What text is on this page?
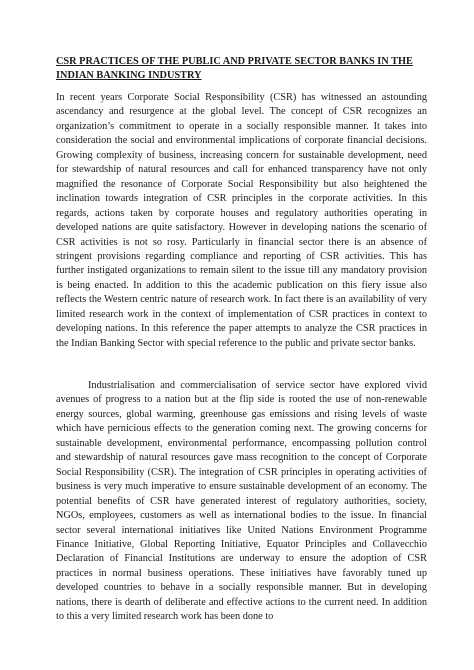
CSR PRACTICES OF THE PUBLIC AND PRIVATE SECTOR BANKS IN THE INDIAN BANKING INDUSTRY

In recent years Corporate Social Responsibility (CSR) has witnessed an astounding ascendancy and resurgence at the global level. The concept of CSR recognizes an organization’s commitment to operate in a socially responsible manner. It takes into consideration the social and environmental implications of corporate financial decisions. Growing complexity of business, increasing concern for sustainable development, need for stewardship of natural resources and call for enhanced transparency have not only magnified the resonance of Corporate Social Responsibility but also heightened the inclination towards integration of CSR principles in the corporate activities. In this regards, actions taken by corporate houses and regulatory authorities operating in developed nations are quite satisfactory. However in developing nations the scenario of CSR activities is not so rosy. Particularly in financial sector there is an absence of stringent provisions regarding compliance and reporting of CSR activities. This has further instigated organizations to remain silent to the issue till any mandatory provision is being enacted. In addition to this the academic publication on this fiery issue also reflects the Western centric nature of research work. In fact there is an availability of very limited research work in the context of implementation of CSR practices in context to developing nations. In this reference the paper attempts to analyze the CSR practices in the Indian Banking Sector with special reference to the public and private sector banks.

Industrialisation and commercialisation of service sector have explored vivid avenues of progress to a nation but at the flip side is rooted the use of non-renewable energy sources, global warming, greenhouse gas emissions and rising levels of waste which have pernicious effects to the generation coming next. The growing concerns for sustainable development, environmental performance, encompassing pollution control and stewardship of natural resources gave mass recognition to the concept of Corporate Social Responsibility (CSR). The integration of CSR principles in operating activities of business is very much imperative to ensure sustainable development of an economy. The potential benefits of CSR have generated interest of regulatory authorities, society, NGOs, employees, customers as well as international bodies to the issue. In financial sector several international initiatives like United Nations Environment Programme Finance Initiative, Global Reporting Initiative, Equator Principles and Collavecchio Declaration of Financial Institutions are underway to ensure the adoption of CSR practices in normal business operations. These initiatives have favorably tuned up developed countries to behave in a socially responsible manner. But in developing nations, there is dearth of deliberate and effective actions to the current need. In addition to this a very limited research work has been done to
